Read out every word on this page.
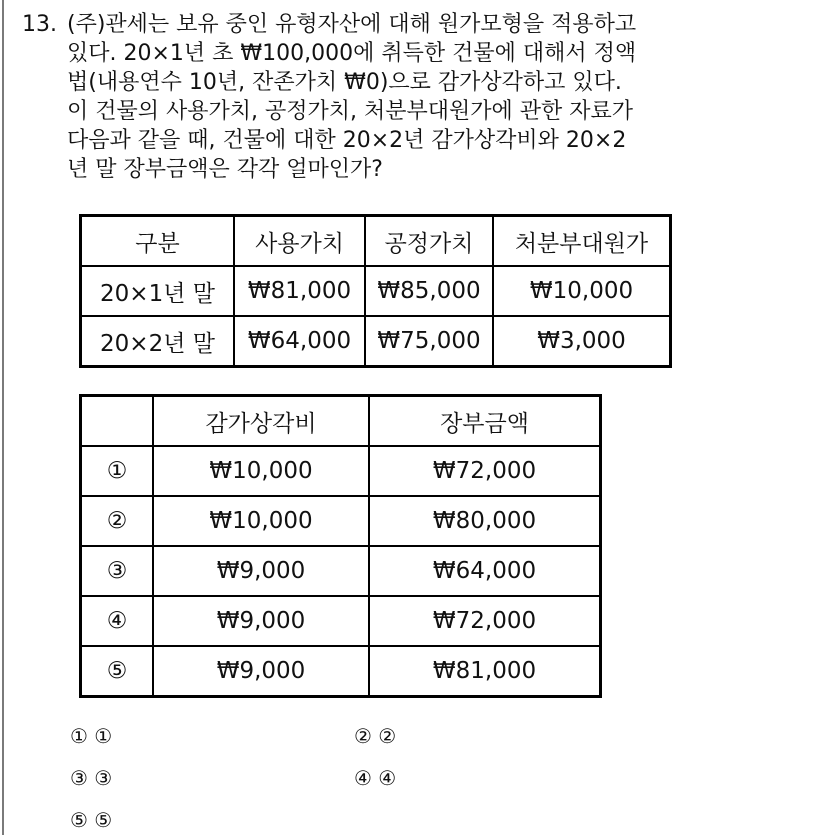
13. (주)관세는 보유 중인 유형자산에 대해 원가모형을 적용하고
있다. 20×1년 초 ₩100,000에 취득한 건물에 대해서 정액
법(내용연수 10년, 잔존가치 ₩0)으로 감가상각하고 있다.
이 건물의 사용가치, 공정가치, 처분부대원가에 관한 자료가
다음과 같을 때, 건물에 대한 20×2년 감가상각비와 20×2
년 말 장부금액은 각각 얼마인가?
구분	사용가치	공정가치	처분부대원가
20×1년 말	₩81,000	₩85,000	₩10,000
20×2년 말	₩64,000	₩75,000	₩3,000
	감가상각비	장부금액
①	₩10,000	₩72,000
②	₩10,000	₩80,000
③	₩9,000	₩64,000
④	₩9,000	₩72,000
⑤	₩9,000	₩81,000
① ①	② ②
③ ③	④ ④
⑤ ⑤
